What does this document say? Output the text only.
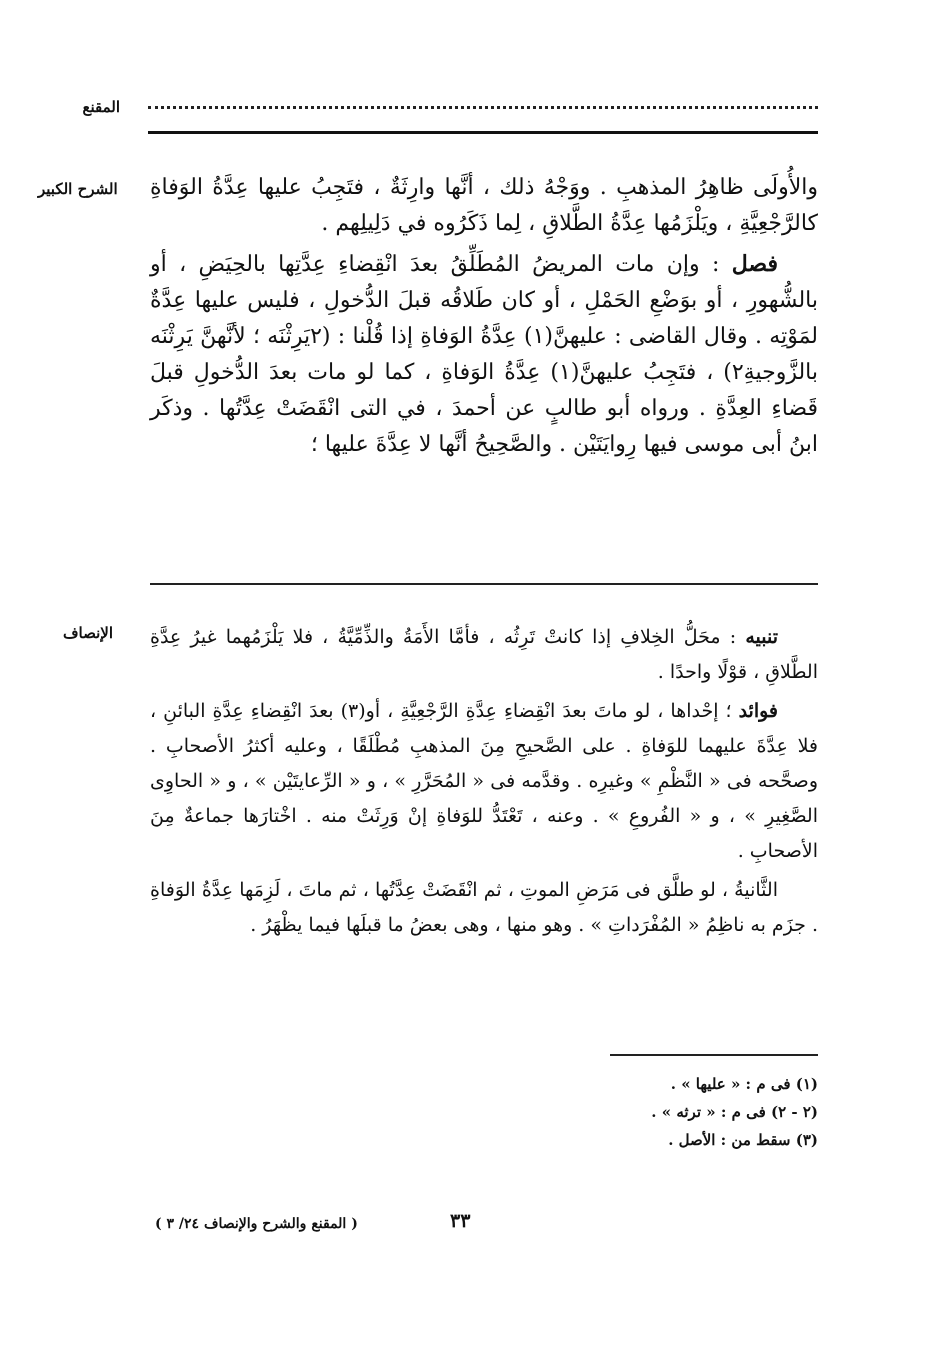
المقنع
الشرح الكبير
الإنصاف

والأُولَى ظاهِرُ المذهبِ . ووَجْهُ ذلك ، أنَّها وارِثَةٌ ، فتَجِبُ عليها عِدَّةُ الوَفاةِ كالرَّجْعِيَّةِ ، ويَلْزَمُها عِدَّةُ الطَّلاقِ ، لِما ذَكَرُوه في دَلِيلِهم .

فصل : وإن مات المريضُ المُطَلِّقُ بعدَ انْقِضاءِ عِدَّتِها بالحِيَضِ ، أو بالشُّهورِ ، أو بوَضْعِ الحَمْلِ ، أو كان طَلاقُه قبلَ الدُّخولِ ، فليس عليها عِدَّةٌ لمَوْتِه . وقال القاضى : عليهنَّ(١) عِدَّةُ الوَفاةِ إذا قُلْنا : (٢يَرِثْنَه ؛ لأنَّهنَّ يَرِثْنَه بالزَّوجيةِ٢) ، فتَجِبُ عليهنَّ(١) عِدَّةُ الوَفاةِ ، كما لو مات بعدَ الدُّخولِ قبلَ قَضاءِ العِدَّةِ . ورواه أبو طالبٍ عن أحمدَ ، في التى انْقَضَتْ عِدَّتُها . وذكَر ابنُ أبى موسى فيها رِوايَتَيْن . والصَّحِيحُ أنَّها لا عِدَّةَ عليها ؛

تنبيه : محَلُّ الخِلافِ إذا كانتْ تَرِثُه ، فأمَّا الأَمَةُ والذِّمِّيَّةُ ، فلا يَلْزَمُهما غيرُ عِدَّةِ الطَّلاقِ ، قوْلًا واحدًا .

فوائد ؛ إحْداها ، لو ماتَ بعدَ انْقِضاءِ عِدَّةِ الرَّجْعِيَّةِ ، أو(٣) بعدَ انْقِضاءِ عِدَّةِ البائنِ ، فلا عِدَّةَ عليهما للوَفاةِ . على الصَّحيحِ مِنَ المذهبِ مُطْلَقًا ، وعليه أكثرُ الأصحابِ . وصحَّحه فى « النَّظْمِ » وغيرِه . وقدَّمه فى « المُحَرَّرِ » ، و « الرِّعايتَيْن » ، و « الحاوِى الصَّغِيرِ » ، و « الفُروعِ » . وعنه ، تَعْتَدُّ للوَفاةِ إنْ وَرِثَتْ منه . اخْتارَها جماعةٌ مِنَ الأصحابِ .

الثَّانيةُ ، لو طلَّق فى مَرَضِ الموتِ ، ثم انْقَضَتْ عِدَّتُها ، ثم ماتَ ، لَزِمَها عِدَّةُ الوَفاةِ . جزَم به ناظِمُ « المُفْرَداتِ » . وهو منها ، وهى بعضُ ما قبلَها فيما يظْهَرُ .

(١) فى م : « عليها » .
(٢ - ٢) فى م : « ترثه » .
(٣) سقط من : الأصل .
٣٣
( المقنع والشرح والإنصاف ٢٤/ ٣ )
